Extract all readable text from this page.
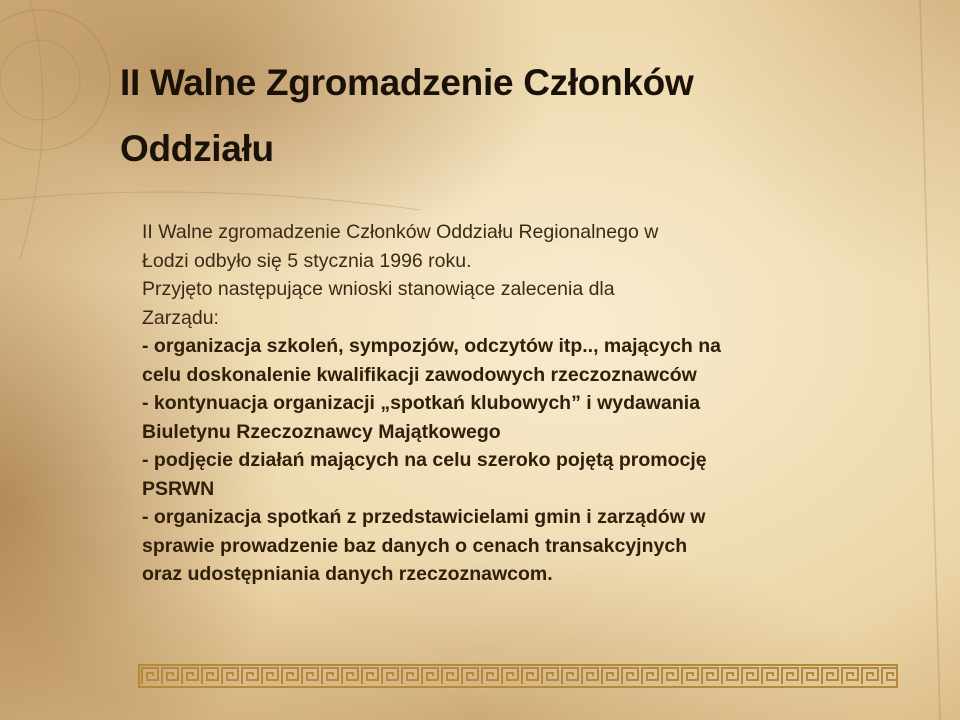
II Walne Zgromadzenie Członków
Oddziału

II Walne zgromadzenie Członków Oddziału Regionalnego w
Łodzi odbyło się 5 stycznia 1996 roku.
Przyjęto następujące wnioski stanowiące zalecenia dla
Zarządu:

- organizacja szkoleń, sympozjów, odczytów itp.., mających na
celu doskonalenie kwalifikacji zawodowych rzeczoznawców
- kontynuacja organizacji „spotkań klubowych” i wydawania
Biuletynu Rzeczoznawcy Majątkowego
- podjęcie działań mających na celu szeroko pojętą promocję
PSRWN
- organizacja spotkań z przedstawicielami gmin i zarządów w
sprawie prowadzenie baz danych o cenach transakcyjnych
oraz udostępniania danych rzeczoznawcom.
